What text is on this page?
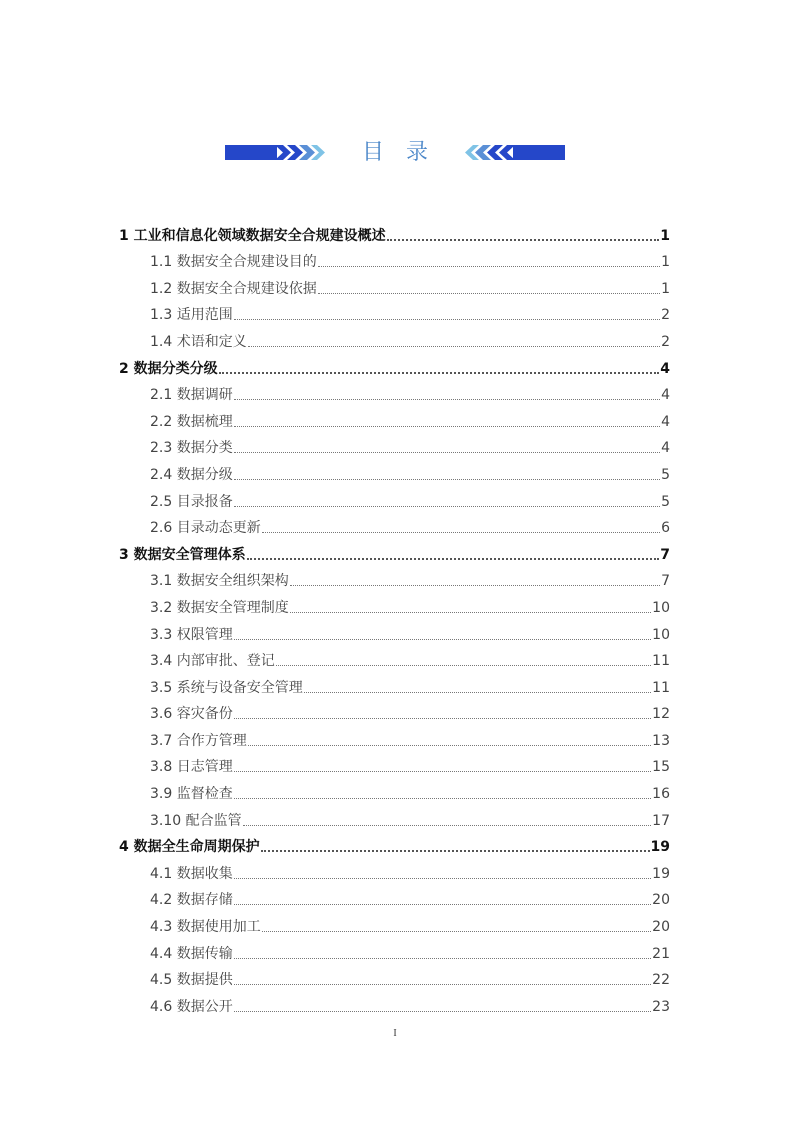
目录
1 工业和信息化领域数据安全合规建设概述	1
1.1 数据安全合规建设目的	1
1.2 数据安全合规建设依据	1
1.3 适用范围	2
1.4 术语和定义	2
2 数据分类分级	4
2.1 数据调研	4
2.2 数据梳理	4
2.3 数据分类	4
2.4 数据分级	5
2.5 目录报备	5
2.6 目录动态更新	6
3 数据安全管理体系	7
3.1 数据安全组织架构	7
3.2 数据安全管理制度	10
3.3 权限管理	10
3.4 内部审批、登记	11
3.5 系统与设备安全管理	11
3.6 容灾备份	12
3.7 合作方管理	13
3.8 日志管理	15
3.9 监督检查	16
3.10 配合监管	17
4 数据全生命周期保护	19
4.1 数据收集	19
4.2 数据存储	20
4.3 数据使用加工	20
4.4 数据传输	21
4.5 数据提供	22
4.6 数据公开	23
I
